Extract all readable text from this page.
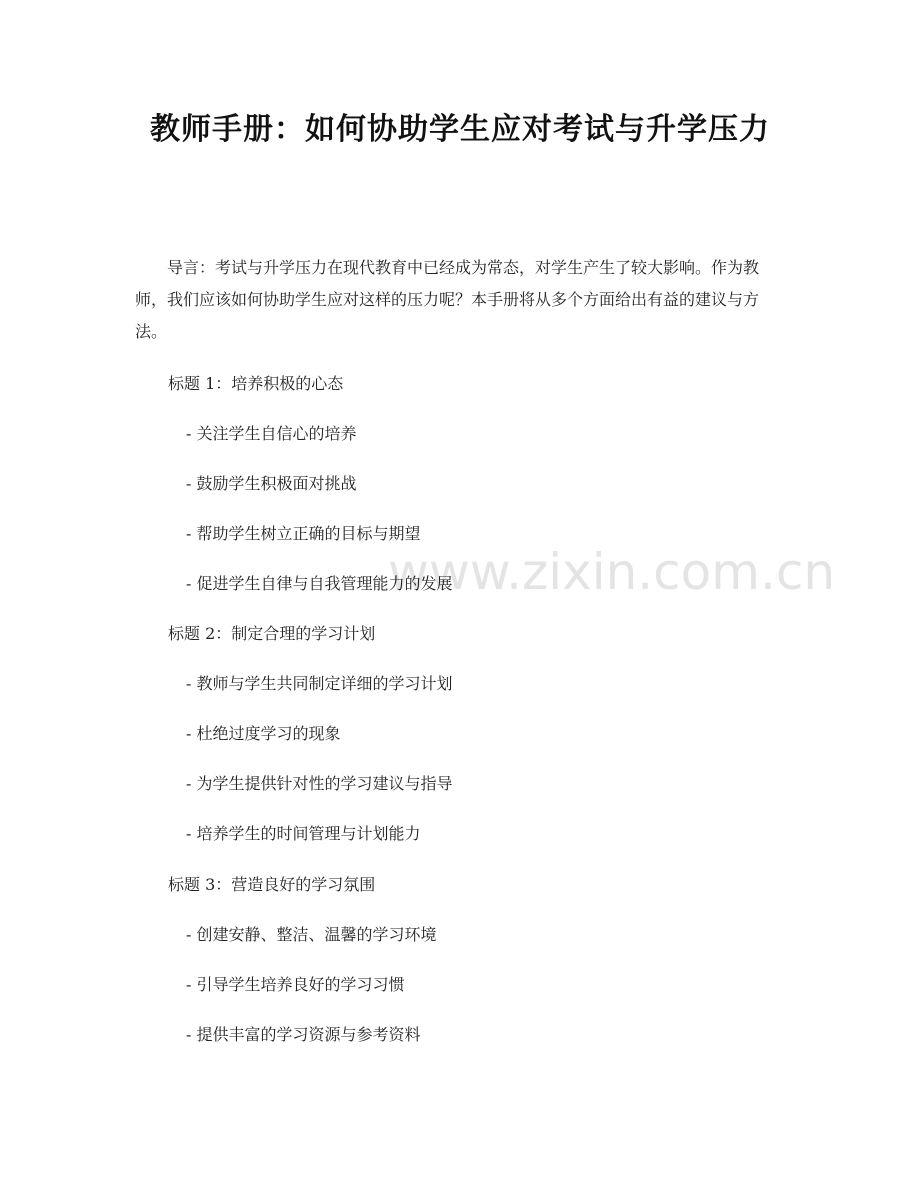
www.zixin.com.cn
教师手册：如何协助学生应对考试与升学压力

导言：考试与升学压力在现代教育中已经成为常态，对学生产生了较大影响。作为教师，我们应该如何协助学生应对这样的压力呢？本手册将从多个方面给出有益的建议与方法。

标题 1：培养积极的心态

- 关注学生自信心的培养

- 鼓励学生积极面对挑战

- 帮助学生树立正确的目标与期望

- 促进学生自律与自我管理能力的发展

标题 2：制定合理的学习计划

- 教师与学生共同制定详细的学习计划

- 杜绝过度学习的现象

- 为学生提供针对性的学习建议与指导

- 培养学生的时间管理与计划能力

标题 3：营造良好的学习氛围

- 创建安静、整洁、温馨的学习环境

- 引导学生培养良好的学习习惯

- 提供丰富的学习资源与参考资料
